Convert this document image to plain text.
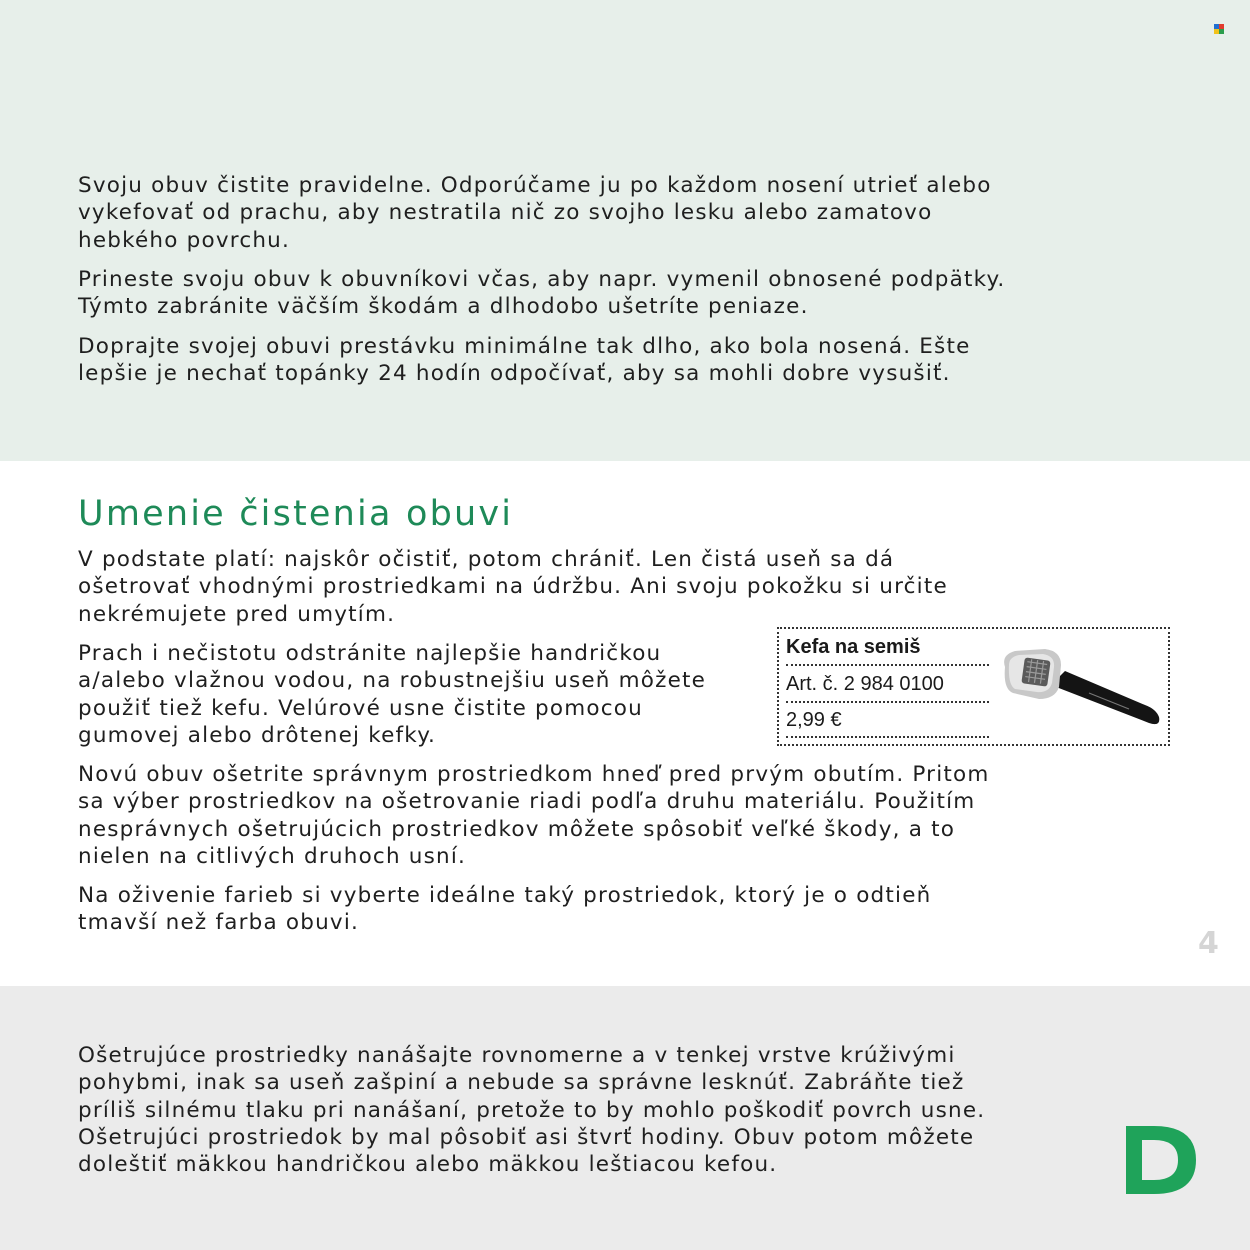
Svoju obuv čistite pravidelne. Odporúčame ju po každom nosení utrieť alebo
vykefovať od prachu, aby nestratila nič zo svojho lesku alebo zamatovo
hebkého povrchu.

Prineste svoju obuv k obuvníkovi včas, aby napr. vymenil obnosené podpätky.
Týmto zabránite väčším škodám a dlhodobo ušetríte peniaze.

Doprajte svojej obuvi prestávku minimálne tak dlho, ako bola nosená. Ešte
lepšie je nechať topánky 24 hodín odpočívať, aby sa mohli dobre vysušiť.

Umenie čistenia obuvi

V podstate platí: najskôr očistiť, potom chrániť. Len čistá useň sa dá
ošetrovať vhodnými prostriedkami na údržbu. Ani svoju pokožku si určite
nekrémujete pred umytím.

Prach i nečistotu odstránite najlepšie handričkou
a/alebo vlažnou vodou, na robustnejšiu useň môžete
použiť tiež kefu. Velúrové usne čistite pomocou
gumovej alebo drôtenej kefky.

Novú obuv ošetrite správnym prostriedkom hneď pred prvým obutím. Pritom
sa výber prostriedkov na ošetrovanie riadi podľa druhu materiálu. Použitím
nesprávnych ošetrujúcich prostriedkov môžete spôsobiť veľké škody, a to
nielen na citlivých druhoch usní.

Na oživenie farieb si vyberte ideálne taký prostriedok, ktorý je o odtieň
tmavší než farba obuvi.

Kefa na semiš
Art. č. 2 984 0100
2,99 €
4

Ošetrujúce prostriedky nanášajte rovnomerne a v tenkej vrstve krúživými
pohybmi, inak sa useň zašpiní a nebude sa správne lesknúť. Zabráňte tiež
príliš silnému tlaku pri nanášaní, pretože to by mohlo poškodiť povrch usne.
Ošetrujúci prostriedok by mal pôsobiť asi štvrť hodiny. Obuv potom môžete
doleštiť mäkkou handričkou alebo mäkkou leštiacou kefou.
